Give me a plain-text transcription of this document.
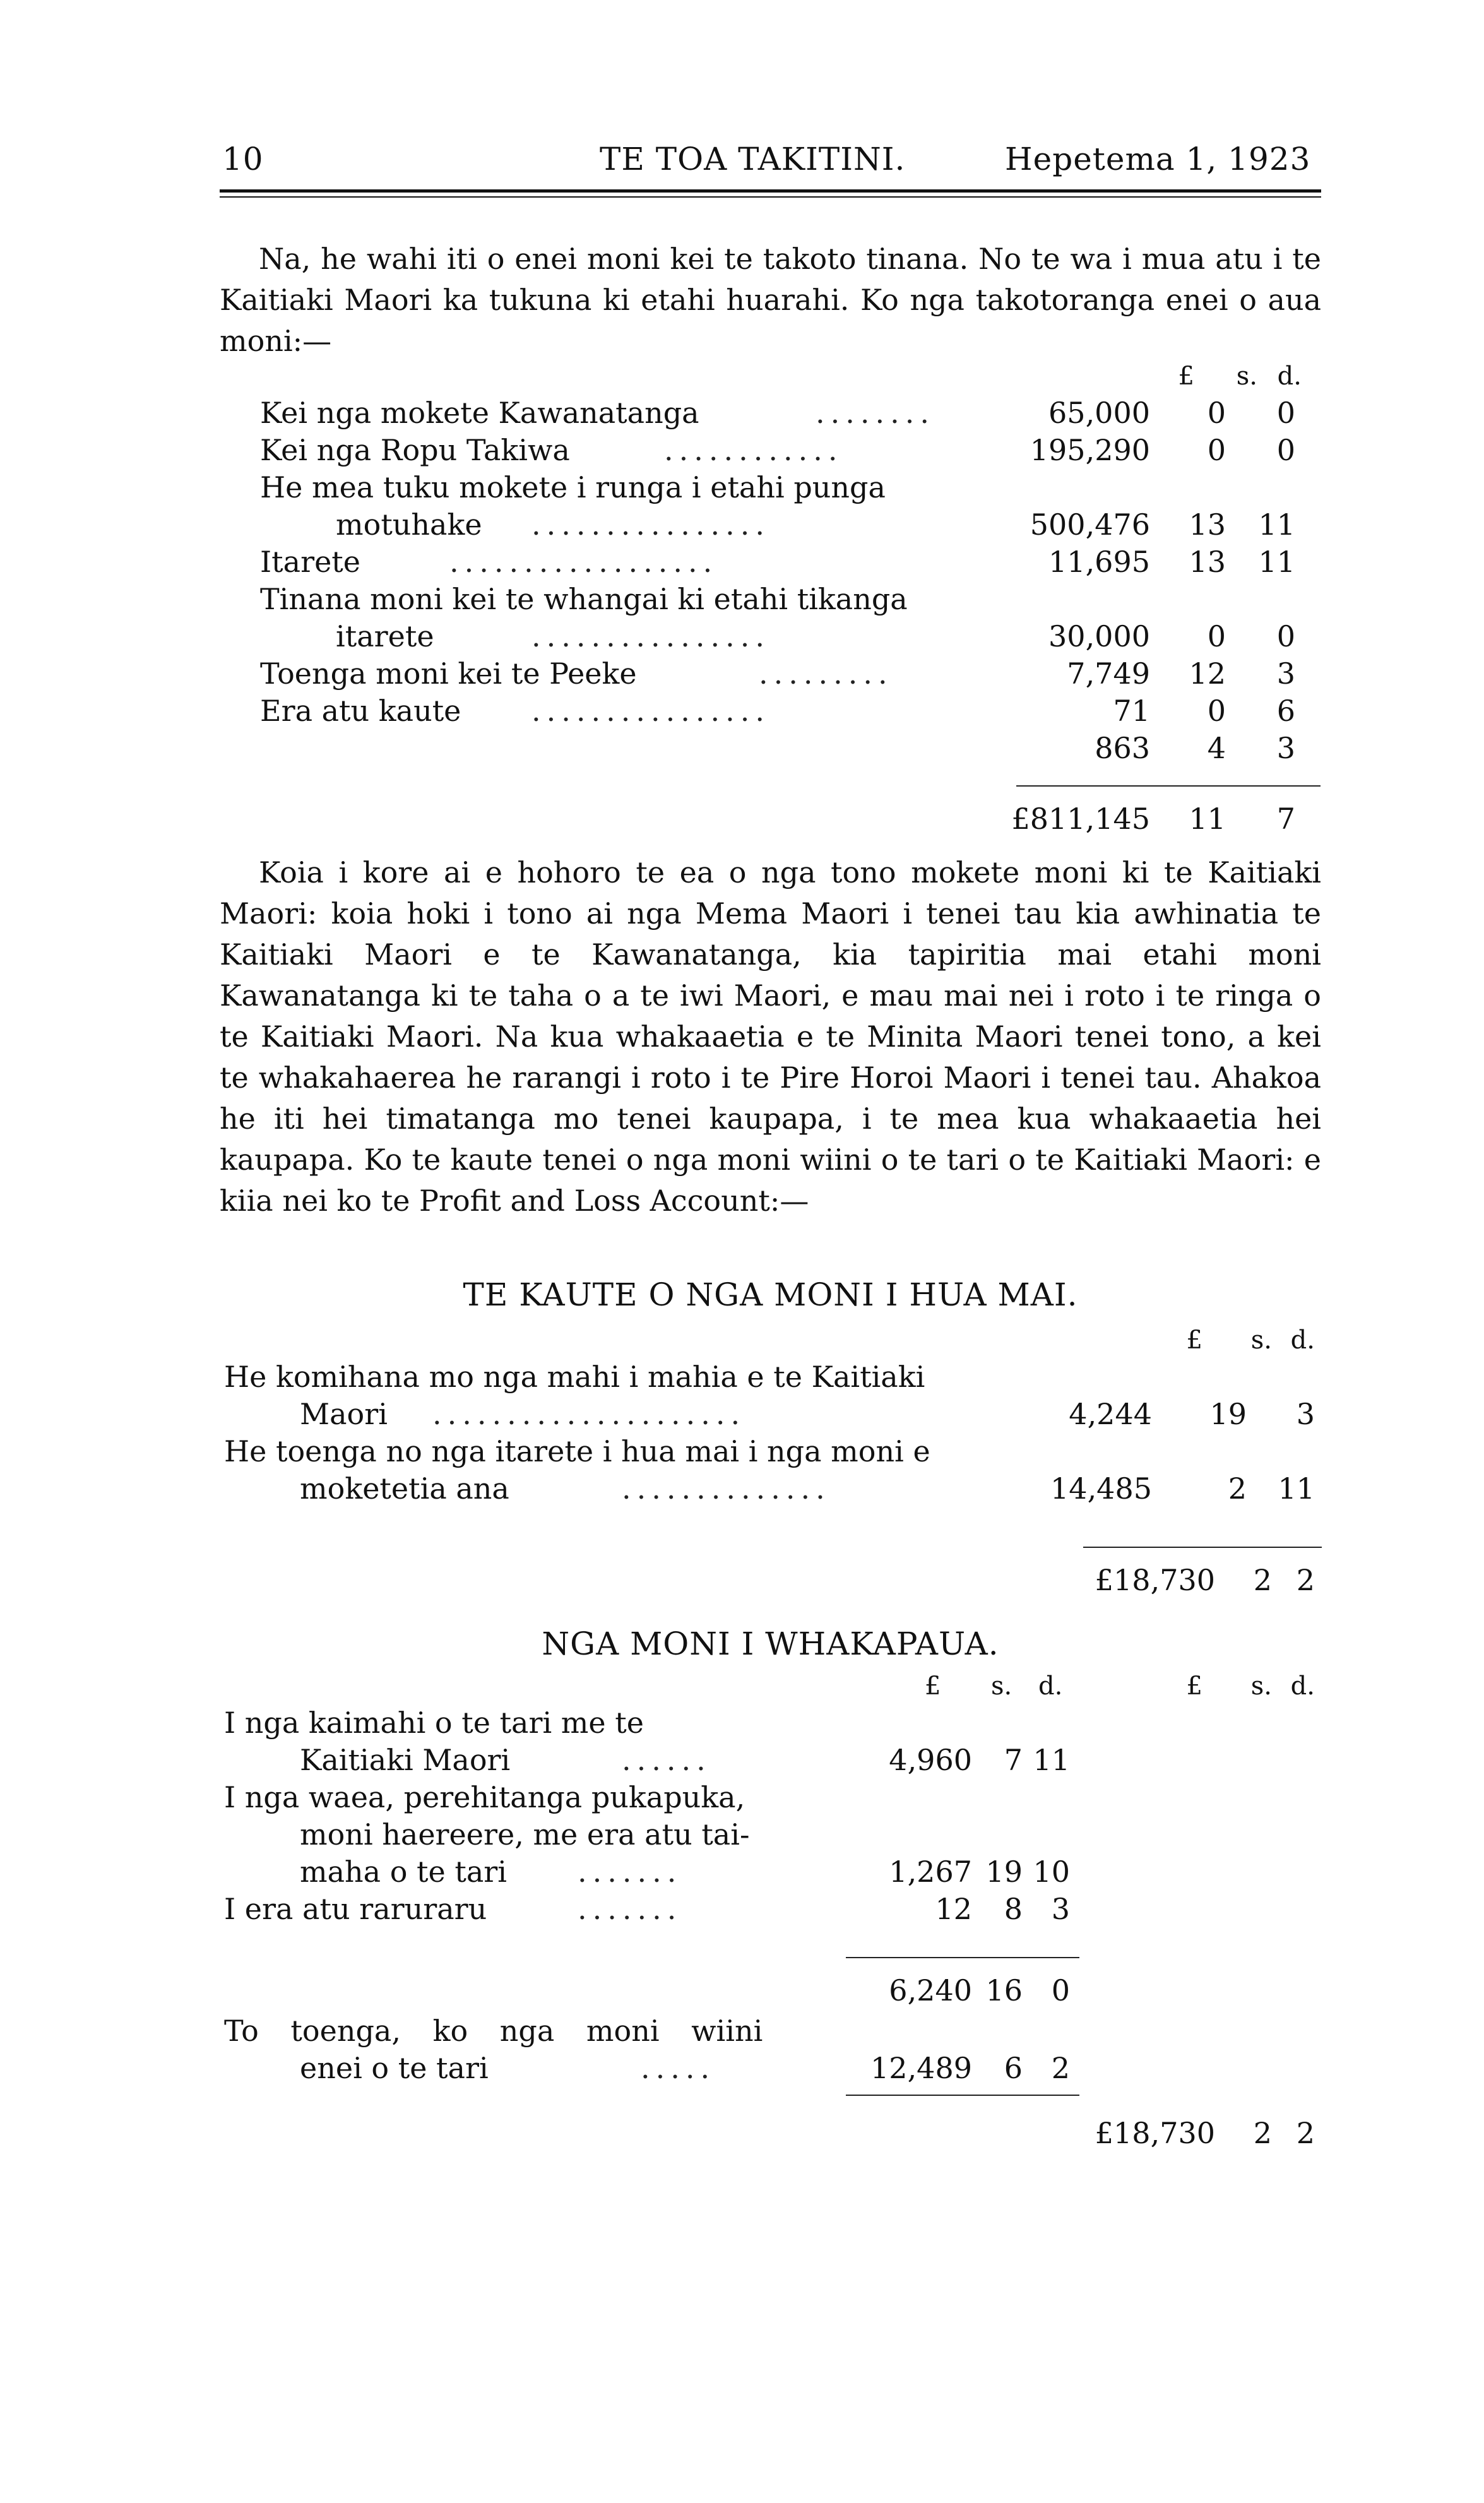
10	TE TOA TAKITINI.	Hepetema 1, 1923

Na, he wahi iti o enei moni kei te takoto tinana. No te wa i mua atu i te Kaitiaki Maori ka tukuna ki etahi huarahi. Ko nga takotoranga enei o aua moni:—

£ s. d.
Kei nga mokete Kawanatanga	........	65,000 0 0
Kei nga Ropu Takiwa	............	195,290 0 0
He mea tuku mokete i runga i etahi punga
motuhake ................	500,476 13 11
Itarete	..................	11,695 13 11
Tinana moni kei te whangai ki etahi tikanga
itarete	................	30,000 0 0
Toenga moni kei te Peeke	.........	7,749 12 3
Era atu kaute ................	71 0 6
863 4 3
£811,145 11 7

Koia i kore ai e hohoro te ea o nga tono mokete moni ki te Kaitiaki Maori: koia hoki i tono ai nga Mema Maori i tenei tau kia awhinatia te Kaitiaki Maori e te Kawanatanga, kia tapiritia mai etahi moni Kawanatanga ki te taha o a te iwi Maori, e mau mai nei i roto i te ringa o te Kaitiaki Maori. Na kua whakaaetia e te Minita Maori tenei tono, a kei te whakahaerea he rarangi i roto i te Pire Horoi Maori i tenei tau. Ahakoa he iti hei timatanga mo tenei kaupapa, i te mea kua whakaaetia hei kaupapa. Ko te kaute tenei o nga moni wiini o te tari o te Kaitiaki Maori: e kiia nei ko te Profit and Loss Account:—

TE KAUTE O NGA MONI I HUA MAI.
£ s. d.
He komihana mo nga mahi i mahia e te Kaitiaki
Maori .....................	4,244 19 3
He toenga no nga itarete i hua mai i nga moni e
moketetia ana	..............	14,485	2 11
£18,730 2 2
NGA MONI I WHAKAPAUA.
£ s. d.	£ s. d.
I nga kaimahi o te tari me te
Kaitiaki Maori	......	4,960 7 11
I nga waea, perehitanga pukapuka,
moni haereere, me era atu tai-
maha o te tari .......	1,267 19 10
I era atu raruraru	.......	12 8 3
6,240 16 0
To toenga, ko nga moni wiini
enei o te tari	.....	12,489 6 2
£18,730 2 2
